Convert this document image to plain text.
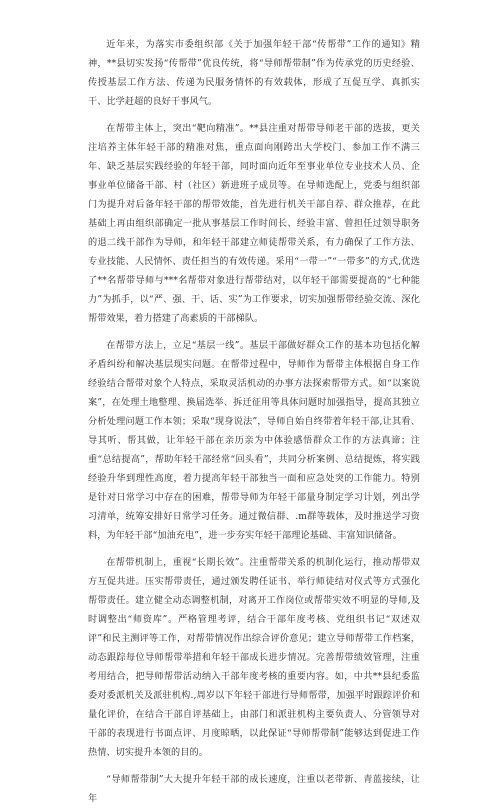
近年来，为落实市委组织部《关于加强年轻干部“传帮带”工作的通知》精神，**县切实发扬“传帮带”优良传统，将“导师帮带制”作为传承党的历史经验、传授基层工作方法、传递为民服务情怀的有效载体，形成了互促互学、真抓实干、比学赶超的良好干事风气。

在帮带主体上，突出“靶向精准”。**县注重对帮带导师老干部的选拔，更关注培养主体年轻干部的精准对焦，重点面向刚跨出大学校门、参加工作不满三年、缺乏基层实践经验的年轻干部，同时面向近年至事业单位专业技术人员、企事业单位储备干部、村（社区）新进班子成员等。在导师选配上，党委与组织部门为提升对后备年轻干部的帮带效能，首先进行机关干部自荐、群众推荐，在此基础上再由组织部确定一批从事基层工作时间长、经验丰富、曾担任过领导职务的退二线干部作为导师，和年轻干部建立师徒帮带关系，有力确保了工作方法、专业技能、人民情怀、责任担当的有效传递。采用“一带一”“一带多”的方式,优选了**名帮带导师与***名帮带对象进行帮带结对，以年轻干部需要提高的“七种能力”为抓手，以“严、强、干、话、实”为工作要求，切实加强帮带经验交流、深化帮带效果，着力搭建了高素质的干部梯队。

在帮带方法上，立足“基层一线”。基层干部做好群众工作的基本功包括化解矛盾纠纷和解决基层现实问题。在帮带过程中，导师作为帮带主体根据自身工作经验结合帮带对象个人特点，采取灵活机动的办事方法探索帮带方式。如“以案说案”，在处理土地整理、换届选举、拆迁征用等具体问题时加强指导，提高其独立分析处理问题工作本领；采取“现身说法”，导师自始自终带着年轻干部,让其看、导其听、帮其做，让年轻干部在亲历亲为中体验感悟群众工作的方法真谛；注重“总结提高”，帮助年轻干部经常“回头看”，共同分析案例、总结提炼，将实践经验升华到理性高度，着力提高年轻干部独当一面和应急处突的工作能力。特别是针对日常学习中存在的困难，帮带导师为年轻干部量身制定学习计划，列出学习清单，统筹安排好日常学习任务。通过微信群、.m群等载体，及时推送学习资料，为年轻干部“加油充电”，进一步夯实年轻干部理论基础、丰富知识储备。

在帮带机制上，重视“长期长效”。注重帮带关系的机制化运行，推动帮带双方互促共进。压实帮带责任，通过颁发聘任证书、举行师徒结对仪式等方式强化帮带责任。建立健全动态调整机制，对离开工作岗位或帮带实效不明显的导师,及时调整出“师资库”。严格管理考评，结合干部年度考核、党组织书记“双述双评”和民主测评等工作，对帮带情况作出综合评价意见；建立导师帮带工作档案，动态跟踪每位导师帮带举措和年轻干部成长进步情况。完善帮带绩效管理，注重考用结合，把导师帮带活动纳入干部年度考核的重要内容。如，中共**县纪委监委对委派机关及派驻机构.,周岁以下年轻干部进行导师帮带，加强平时跟踪评价和量化评价，在结合干部自评基础上，由部门和派驻机构主要负责人、分管领导对干部的表现进行书面点评、月度晾晒，以此保证“导师帮带制”能够达到促进工作热情、切实提升本领的目的。

“导师帮带制”大大提升年轻干部的成长速度，注重以老带新、青蓝接续，让年
